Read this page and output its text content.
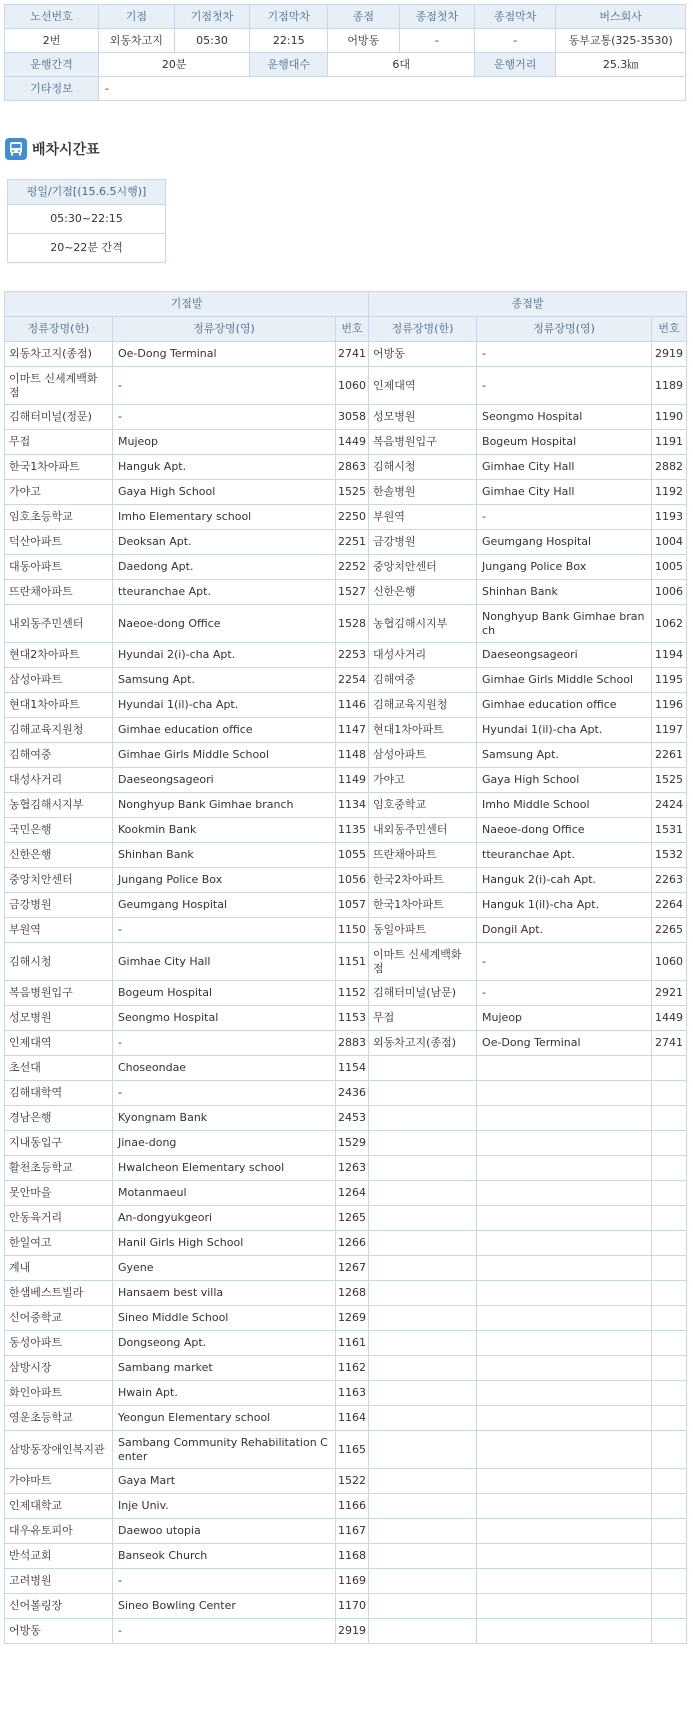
노선번호	기점	기점첫차	기점막차	종점	종점첫차	종점막차	버스회사
2번	외동차고지	05:30	22:15	어방동	-	-	동부교통(325-3530)
운행간격	20분		운행대수	6대		운행거리	25.3㎞
기타정보	-						
배차시간표
평일/기점[(15.6.5시행)]
05:30~22:15
20~22분 간격
기점발			종점발		
정류장명(한)	정류장명(영)	번호	정류장명(한)	정류장명(영)	번호
외동차고지(종점)	Oe-Dong Terminal	2741	어방동	-	2919
이마트 신세계백화점	-	1060	인제대역	-	1189
김해터미널(정문)	-	3058	성모병원	Seongmo Hospital	1190
무접	Mujeop	1449	복음병원입구	Bogeum Hospital	1191
한국1차아파트	Hanguk Apt.	2863	김해시청	Gimhae City Hall	2882
가야고	Gaya High School	1525	한솔병원	Gimhae City Hall	1192
임호초등학교	Imho Elementary school	2250	부원역	-	1193
덕산아파트	Deoksan Apt.	2251	금강병원	Geumgang Hospital	1004
대동아파트	Daedong Apt.	2252	중앙치안센터	Jungang Police Box	1005
뜨란채아파트	tteuranchae Apt.	1527	신한은행	Shinhan Bank	1006
내외동주민센터	Naeoe-dong Office	1528	농협김해시지부	Nonghyup Bank Gimhae branch	1062
현대2차아파트	Hyundai 2(i)-cha Apt.	2253	대성사거리	Daeseongsageori	1194
삼성아파트	Samsung Apt.	2254	김해여중	Gimhae Girls Middle School	1195
현대1차아파트	Hyundai 1(il)-cha Apt.	1146	김해교육지원청	Gimhae education office	1196
김해교육지원청	Gimhae education office	1147	현대1차아파트	Hyundai 1(il)-cha Apt.	1197
김해여중	Gimhae Girls Middle School	1148	삼성아파트	Samsung Apt.	2261
대성사거리	Daeseongsageori	1149	가야고	Gaya High School	1525
농협김해시지부	Nonghyup Bank Gimhae branch	1134	임호중학교	Imho Middle School	2424
국민은행	Kookmin Bank	1135	내외동주민센터	Naeoe-dong Office	1531
신한은행	Shinhan Bank	1055	뜨란채아파트	tteuranchae Apt.	1532
중앙치안센터	Jungang Police Box	1056	한국2차아파트	Hanguk 2(i)-cah Apt.	2263
금강병원	Geumgang Hospital	1057	한국1차아파트	Hanguk 1(il)-cha Apt.	2264
부원역	-	1150	동일아파트	Dongil Apt.	2265
김해시청	Gimhae City Hall	1151	이마트 신세계백화점	-	1060
복음병원입구	Bogeum Hospital	1152	김해터미널(남문)	-	2921
성모병원	Seongmo Hospital	1153	무접	Mujeop	1449
인제대역	-	2883	외동차고지(종점)	Oe-Dong Terminal	2741
초선대	Choseondae	1154			
김해대학역	-	2436			
경남은행	Kyongnam Bank	2453			
지내동입구	Jinae-dong	1529			
활천초등학교	Hwalcheon Elementary school	1263			
못안마을	Motanmaeul	1264			
안동육거리	An-dongyukgeori	1265			
한일여고	Hanil Girls High School	1266			
계내	Gyene	1267			
한샘베스트빌라	Hansaem best villa	1268			
신어중학교	Sineo Middle School	1269			
동성아파트	Dongseong Apt.	1161			
삼방시장	Sambang market	1162			
화인아파트	Hwain Apt.	1163			
영운초등학교	Yeongun Elementary school	1164			
삼방동장애인복지관	Sambang Community Rehabilitation Center	1165			
가야마트	Gaya Mart	1522			
인제대학교	Inje Univ.	1166			
대우유토피아	Daewoo utopia	1167			
반석교회	Banseok Church	1168			
고려병원	-	1169			
신어볼링장	Sineo Bowling Center	1170			
어방동	-	2919			
